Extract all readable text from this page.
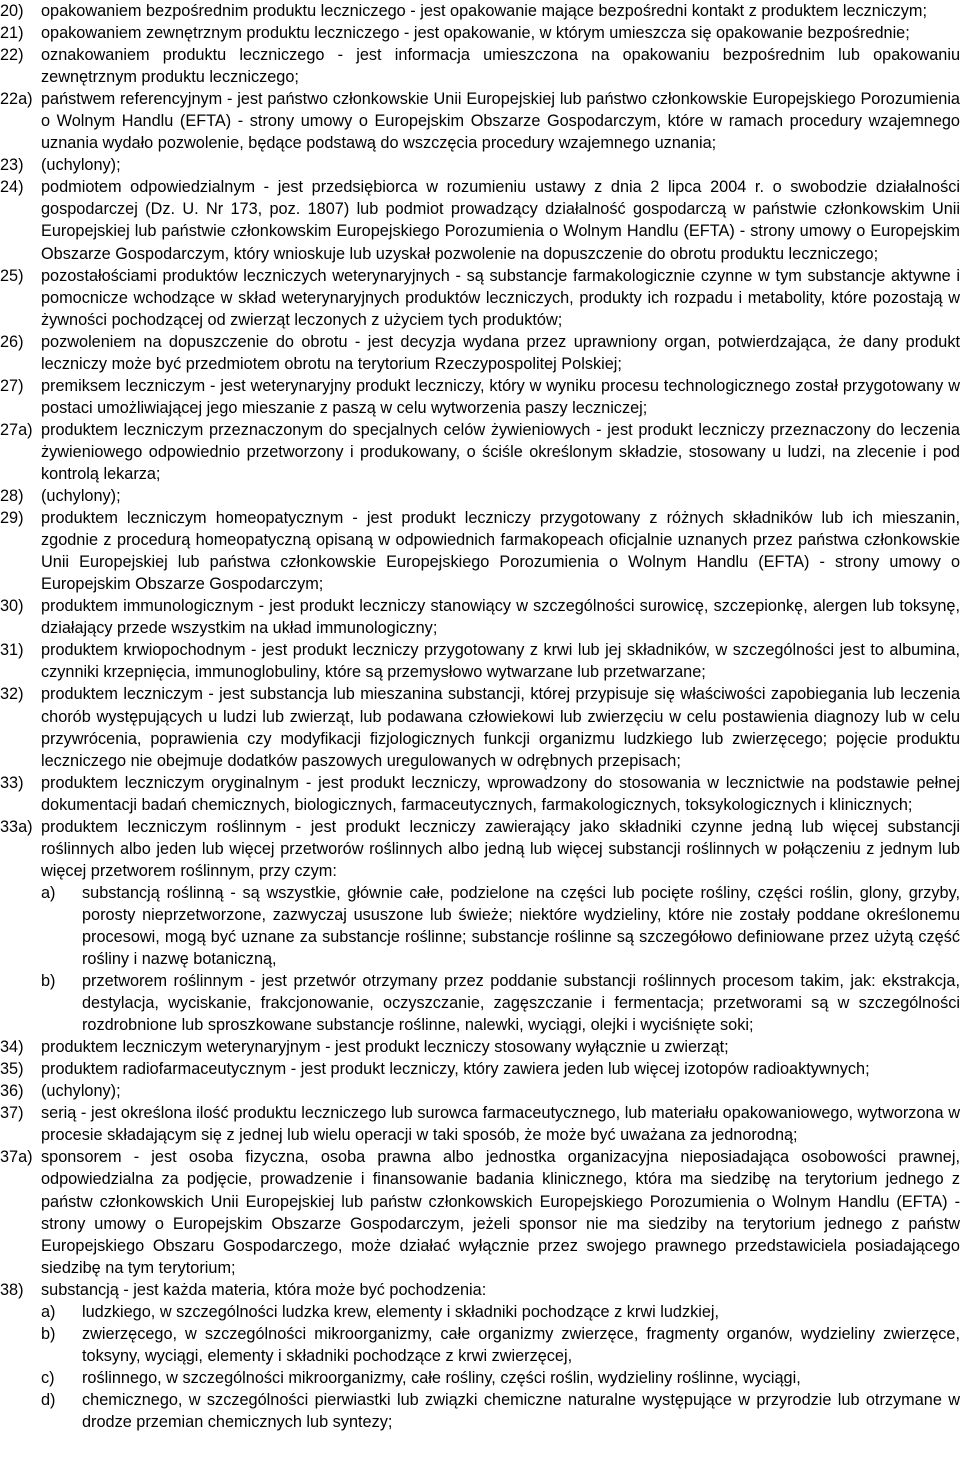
20) opakowaniem bezpośrednim produktu leczniczego - jest opakowanie mające bezpośredni kontakt z produktem leczniczym;
21) opakowaniem zewnętrznym produktu leczniczego - jest opakowanie, w którym umieszcza się opakowanie bezpośrednie;
22) oznakowaniem produktu leczniczego - jest informacja umieszczona na opakowaniu bezpośrednim lub opakowaniu zewnętrznym produktu leczniczego;
22a) państwem referencyjnym - jest państwo członkowskie Unii Europejskiej lub państwo członkowskie Europejskiego Porozumienia o Wolnym Handlu (EFTA) - strony umowy o Europejskim Obszarze Gospodarczym, które w ramach procedury wzajemnego uznania wydało pozwolenie, będące podstawą do wszczęcia procedury wzajemnego uznania;
23) (uchylony);
24) podmiotem odpowiedzialnym - jest przedsiębiorca w rozumieniu ustawy z dnia 2 lipca 2004 r. o swobodzie działalności gospodarczej (Dz. U. Nr 173, poz. 1807) lub podmiot prowadzący działalność gospodarczą w państwie członkowskim Unii Europejskiej lub państwie członkowskim Europejskiego Porozumienia o Wolnym Handlu (EFTA) - strony umowy o Europejskim Obszarze Gospodarczym, który wnioskuje lub uzyskał pozwolenie na dopuszczenie do obrotu produktu leczniczego;
25) pozostałościami produktów leczniczych weterynaryjnych - są substancje farmakologicznie czynne w tym substancje aktywne i pomocnicze wchodzące w skład weterynaryjnych produktów leczniczych, produkty ich rozpadu i metabolity, które pozostają w żywności pochodzącej od zwierząt leczonych z użyciem tych produktów;
26) pozwoleniem na dopuszczenie do obrotu - jest decyzja wydana przez uprawniony organ, potwierdzająca, że dany produkt leczniczy może być przedmiotem obrotu na terytorium Rzeczypospolitej Polskiej;
27) premiksem leczniczym - jest weterynaryjny produkt leczniczy, który w wyniku procesu technologicznego został przygotowany w postaci umożliwiającej jego mieszanie z paszą w celu wytworzenia paszy leczniczej;
27a) produktem leczniczym przeznaczonym do specjalnych celów żywieniowych - jest produkt leczniczy przeznaczony do leczenia żywieniowego odpowiednio przetworzony i produkowany, o ściśle określonym składzie, stosowany u ludzi, na zlecenie i pod kontrolą lekarza;
28) (uchylony);
29) produktem leczniczym homeopatycznym - jest produkt leczniczy przygotowany z różnych składników lub ich mieszanin, zgodnie z procedurą homeopatyczną opisaną w odpowiednich farmakopeach oficjalnie uznanych przez państwa członkowskie Unii Europejskiej lub państwa członkowskie Europejskiego Porozumienia o Wolnym Handlu (EFTA) - strony umowy o Europejskim Obszarze Gospodarczym;
30) produktem immunologicznym - jest produkt leczniczy stanowiący w szczególności surowicę, szczepionkę, alergen lub toksynę, działający przede wszystkim na układ immunologiczny;
31) produktem krwiopochodnym - jest produkt leczniczy przygotowany z krwi lub jej składników, w szczególności jest to albumina, czynniki krzepnięcia, immunoglobuliny, które są przemysłowo wytwarzane lub przetwarzane;
32) produktem leczniczym - jest substancja lub mieszanina substancji, której przypisuje się właściwości zapobiegania lub leczenia chorób występujących u ludzi lub zwierząt, lub podawana człowiekowi lub zwierzęciu w celu postawienia diagnozy lub w celu przywrócenia, poprawienia czy modyfikacji fizjologicznych funkcji organizmu ludzkiego lub zwierzęcego; pojęcie produktu leczniczego nie obejmuje dodatków paszowych uregulowanych w odrębnych przepisach;
33) produktem leczniczym oryginalnym - jest produkt leczniczy, wprowadzony do stosowania w lecznictwie na podstawie pełnej dokumentacji badań chemicznych, biologicznych, farmaceutycznych, farmakologicznych, toksykologicznych i klinicznych;
33a) produktem leczniczym roślinnym - jest produkt leczniczy zawierający jako składniki czynne jedną lub więcej substancji roślinnych albo jeden lub więcej przetworów roślinnych albo jedną lub więcej substancji roślinnych w połączeniu z jednym lub więcej przetworem roślinnym, przy czym:
a) substancją roślinną - są wszystkie, głównie całe, podzielone na części lub pocięte rośliny, części roślin, glony, grzyby, porosty nieprzetworzone, zazwyczaj ususzone lub świeże; niektóre wydzieliny, które nie zostały poddane określonemu procesowi, mogą być uznane za substancje roślinne; substancje roślinne są szczegółowo definiowane przez użytą część rośliny i nazwę botaniczną,
b) przetworem roślinnym - jest przetwór otrzymany przez poddanie substancji roślinnych procesom takim, jak: ekstrakcja, destylacja, wyciskanie, frakcjonowanie, oczyszczanie, zagęszczanie i fermentacja; przetworami są w szczególności rozdrobnione lub sproszkowane substancje roślinne, nalewki, wyciągi, olejki i wyciśnięte soki;
34) produktem leczniczym weterynaryjnym - jest produkt leczniczy stosowany wyłącznie u zwierząt;
35) produktem radiofarmaceutycznym - jest produkt leczniczy, który zawiera jeden lub więcej izotopów radioaktywnych;
36) (uchylony);
37) serią - jest określona ilość produktu leczniczego lub surowca farmaceutycznego, lub materiału opakowaniowego, wytworzona w procesie składającym się z jednej lub wielu operacji w taki sposób, że może być uważana za jednorodną;
37a) sponsorem - jest osoba fizyczna, osoba prawna albo jednostka organizacyjna nieposiadająca osobowości prawnej, odpowiedzialna za podjęcie, prowadzenie i finansowanie badania klinicznego, która ma siedzibę na terytorium jednego z państw członkowskich Unii Europejskiej lub państw członkowskich Europejskiego Porozumienia o Wolnym Handlu (EFTA) - strony umowy o Europejskim Obszarze Gospodarczym, jeżeli sponsor nie ma siedziby na terytorium jednego z państw Europejskiego Obszaru Gospodarczego, może działać wyłącznie przez swojego prawnego przedstawiciela posiadającego siedzibę na tym terytorium;
38) substancją - jest każda materia, która może być pochodzenia:
a) ludzkiego, w szczególności ludzka krew, elementy i składniki pochodzące z krwi ludzkiej,
b) zwierzęcego, w szczególności mikroorganizmy, całe organizmy zwierzęce, fragmenty organów, wydzieliny zwierzęce, toksyny, wyciągi, elementy i składniki pochodzące z krwi zwierzęcej,
c) roślinnego, w szczególności mikroorganizmy, całe rośliny, części roślin, wydzieliny roślinne, wyciągi,
d) chemicznego, w szczególności pierwiastki lub związki chemiczne naturalne występujące w przyrodzie lub otrzymane w drodze przemian chemicznych lub syntezy;
